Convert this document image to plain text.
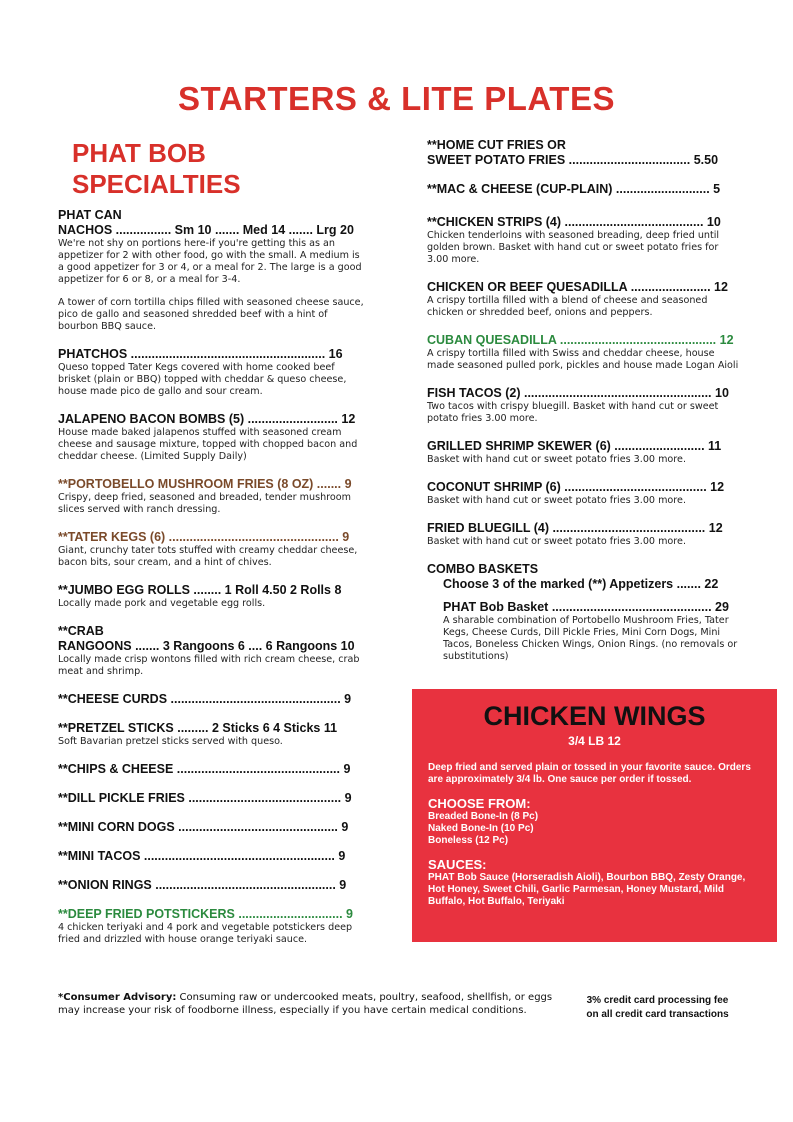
STARTERS & LITE PLATES
PHAT BOB SPECIALTIES
PHAT CAN
NACHOS ................ Sm 10 ....... Med 14 ....... Lrg 20
We're not shy on portions here-if you're getting this as an appetizer for 2 with other food, go with the small. A medium is a good appetizer for 3 or 4, or a meal for 2. The large is a good appetizer for 6 or 8, or a meal for 3-4.
A tower of corn tortilla chips filled with seasoned cheese sauce, pico de gallo and seasoned shredded beef with a hint of bourbon BBQ sauce.
PHATCHOS ........................................................ 16
Queso topped Tater Kegs covered with home cooked beef brisket (plain or BBQ) topped with cheddar & queso cheese, house made pico de gallo and sour cream.
JALAPENO BACON BOMBS (5) .......................... 12
House made baked jalapenos stuffed with seasoned cream cheese and sausage mixture, topped with chopped bacon and cheddar cheese. (Limited Supply Daily)
**PORTOBELLO MUSHROOM FRIES (8 OZ) ....... 9
Crispy, deep fried, seasoned and breaded, tender mushroom slices served with ranch dressing.
**TATER KEGS (6) ................................................. 9
Giant, crunchy tater tots stuffed with creamy cheddar cheese, bacon bits, sour cream, and a hint of chives.
**JUMBO EGG ROLLS ........ 1 Roll 4.50 2 Rolls 8
Locally made pork and vegetable egg rolls.
**CRAB
RANGOONS ....... 3 Rangoons 6 .... 6 Rangoons 10
Locally made crisp wontons filled with rich cream cheese, crab meat and shrimp.
**CHEESE CURDS ................................................. 9
**PRETZEL STICKS ......... 2 Sticks 6 4 Sticks 11
Soft Bavarian pretzel sticks served with queso.
**CHIPS & CHEESE ............................................... 9
**DILL PICKLE FRIES ............................................ 9
**MINI CORN DOGS .............................................. 9
**MINI TACOS ....................................................... 9
**ONION RINGS .................................................... 9
**DEEP FRIED POTSTICKERS .............................. 9
4 chicken teriyaki and 4 pork and vegetable potstickers deep fried and drizzled with house orange teriyaki sauce.
**HOME CUT FRIES OR
SWEET POTATO FRIES ................................... 5.50
**MAC & CHEESE (CUP-PLAIN) ........................... 5
**CHICKEN STRIPS (4) ........................................ 10
Chicken tenderloins with seasoned breading, deep fried until golden brown. Basket with hand cut or sweet potato fries for 3.00 more.
CHICKEN OR BEEF QUESADILLA ....................... 12
A crispy tortilla filled with a blend of cheese and seasoned chicken or shredded beef, onions and peppers.
CUBAN QUESADILLA ............................................. 12
A crispy tortilla filled with Swiss and cheddar cheese, house made seasoned pulled pork, pickles and house made Logan Aioli
FISH TACOS (2) ...................................................... 10
Two tacos with crispy bluegill. Basket with hand cut or sweet potato fries 3.00 more.
GRILLED SHRIMP SKEWER (6) .......................... 11
Basket with hand cut or sweet potato fries 3.00 more.
COCONUT SHRIMP (6) ......................................... 12
Basket with hand cut or sweet potato fries 3.00 more.
FRIED BLUEGILL (4) ............................................ 12
Basket with hand cut or sweet potato fries 3.00 more.
COMBO BASKETS
Choose 3 of the marked (**) Appetizers ....... 22
PHAT Bob Basket .............................................. 29
A sharable combination of Portobello Mushroom Fries, Tater Kegs, Cheese Curds, Dill Pickle Fries, Mini Corn Dogs, Mini Tacos, Boneless Chicken Wings, Onion Rings. (no removals or substitutions)
CHICKEN WINGS
3/4 LB 12
Deep fried and served plain or tossed in your favorite sauce. Orders are approximately 3/4 lb. One sauce per order if tossed.
CHOOSE FROM:
Breaded Bone-In (8 Pc)
Naked Bone-In (10 Pc)
Boneless (12 Pc)
SAUCES:
PHAT Bob Sauce (Horseradish Aioli), Bourbon BBQ, Zesty Orange, Hot Honey, Sweet Chili, Garlic Parmesan, Honey Mustard, Mild Buffalo, Hot Buffalo, Teriyaki
*Consumer Advisory: Consuming raw or undercooked meats, poultry, seafood, shellfish, or eggs may increase your risk of foodborne illness, especially if you have certain medical conditions.
3% credit card processing fee
on all credit card transactions
